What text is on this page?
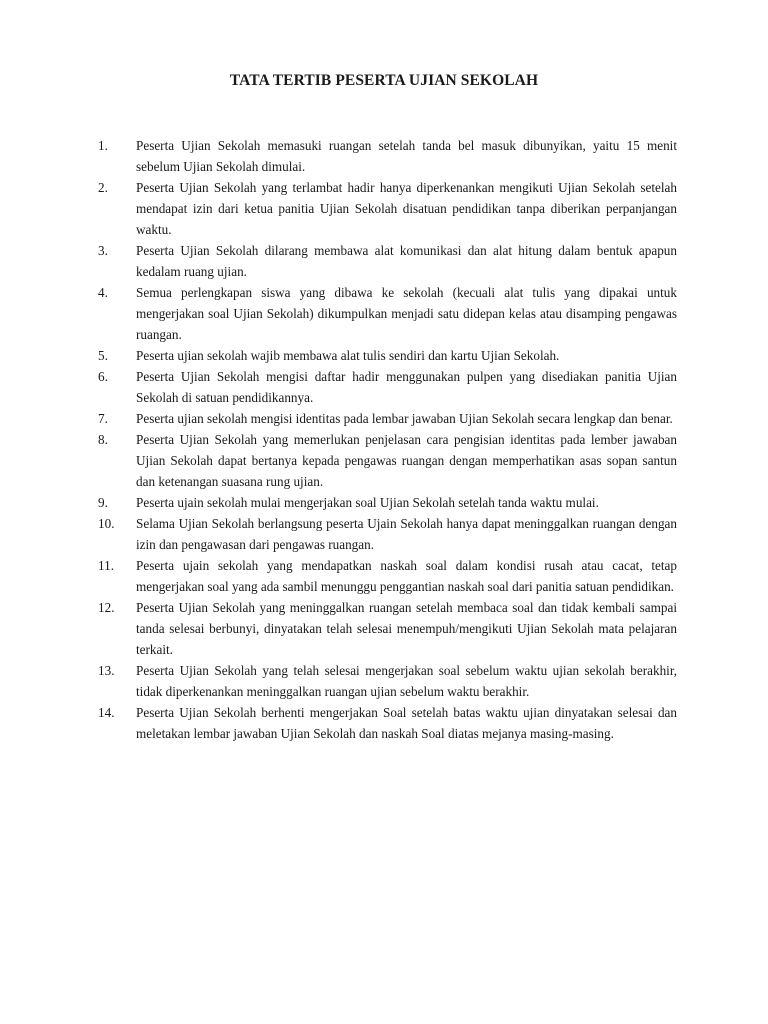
TATA TERTIB PESERTA UJIAN SEKOLAH
1.	Peserta Ujian Sekolah memasuki ruangan setelah tanda bel masuk dibunyikan, yaitu 15 menit sebelum Ujian Sekolah dimulai.
2.	Peserta Ujian Sekolah yang terlambat hadir hanya diperkenankan mengikuti Ujian Sekolah setelah mendapat izin dari ketua panitia Ujian Sekolah disatuan pendidikan tanpa diberikan perpanjangan waktu.
3.	Peserta Ujian Sekolah dilarang membawa alat komunikasi dan alat hitung dalam bentuk apapun kedalam ruang ujian.
4.	Semua perlengkapan siswa yang dibawa ke sekolah (kecuali alat tulis yang dipakai untuk mengerjakan soal Ujian Sekolah) dikumpulkan menjadi satu didepan kelas atau disamping pengawas ruangan.
5.	Peserta ujian sekolah wajib membawa alat tulis sendiri dan kartu Ujian Sekolah.
6.	Peserta Ujian Sekolah mengisi daftar hadir menggunakan pulpen yang disediakan panitia Ujian Sekolah di satuan pendidikannya.
7.	Peserta ujian sekolah mengisi identitas pada lembar jawaban Ujian Sekolah secara lengkap dan benar.
8.	Peserta Ujian Sekolah yang memerlukan penjelasan cara pengisian identitas pada lember jawaban Ujian Sekolah dapat bertanya kepada pengawas ruangan dengan memperhatikan asas sopan santun dan ketenangan suasana rung ujian.
9.	Peserta ujain sekolah mulai mengerjakan soal Ujian Sekolah setelah tanda waktu mulai.
10.	Selama Ujian Sekolah berlangsung peserta Ujain Sekolah hanya dapat meninggalkan ruangan dengan izin dan pengawasan dari pengawas ruangan.
11.	Peserta ujain sekolah yang mendapatkan naskah soal dalam kondisi rusah atau cacat, tetap mengerjakan soal yang ada sambil menunggu penggantian naskah soal dari panitia satuan pendidikan.
12.	Peserta Ujian Sekolah yang meninggalkan ruangan setelah membaca soal dan tidak kembali sampai tanda selesai berbunyi, dinyatakan telah selesai menempuh/mengikuti Ujian Sekolah mata pelajaran terkait.
13.	Peserta Ujian Sekolah yang telah selesai mengerjakan soal sebelum waktu ujian sekolah berakhir, tidak diperkenankan meninggalkan ruangan ujian sebelum waktu berakhir.
14.	Peserta Ujian Sekolah berhenti mengerjakan Soal setelah batas waktu ujian dinyatakan selesai dan meletakan lembar jawaban Ujian Sekolah dan naskah Soal diatas mejanya masing-masing.
